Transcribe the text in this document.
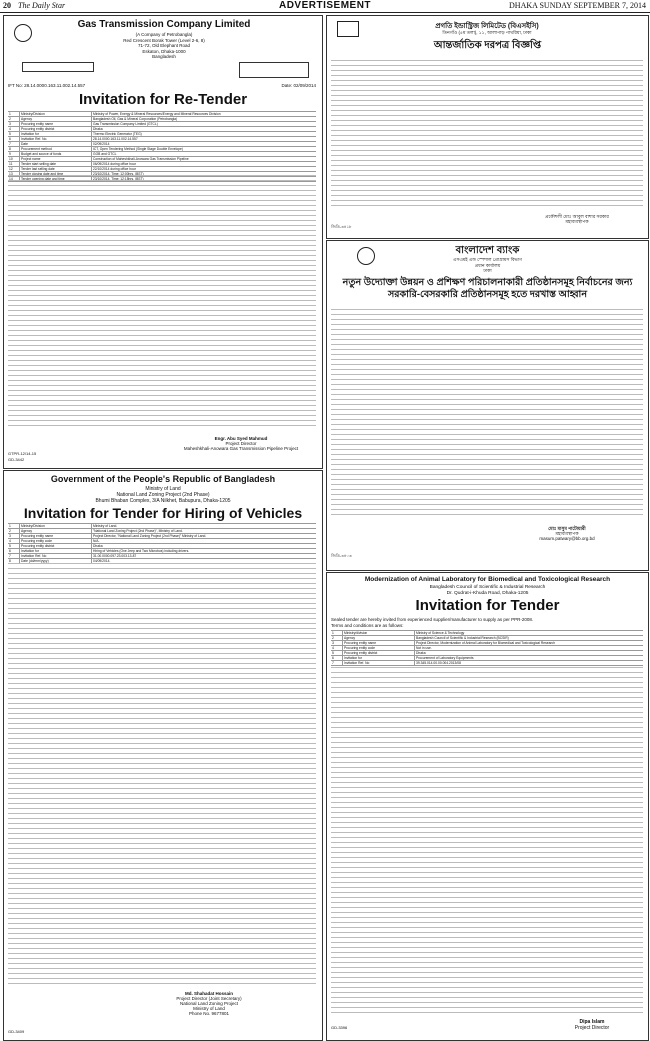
20 The Daily Star	ADVERTISEMENT	DHAKA SUNDAY SEPTEMBER 7, 2014
Gas Transmission Company Limited
(A Company of Petrobangla)
Red Crescent Borak Tower (Level 2-6, 8)
71-72, Old Elephant Road
Eskaton, Dhaka-1000
Bangladesh
IFT No: 28.14.0000.163.11.002.14.557	Date: 02/09/2014
Invitation for Re-Tender
1	Ministry/Division	Ministry of Power, Energy & Mineral Resources/Energy and Mineral Resources Division
2	Agency	Bangladesh Oil, Gas & Mineral Corporation (Petrobangla)
3	Procuring entity name	Gas Transmission Company Limited (GTCL)
4	Procuring entity district	Dhaka
5	Invitation for	Thermo Electric Generator (TEG)
6	Invitation Ref. No.	28.14.0000.163.11.002.14.557
7	Date	02/09/2014
8	Procurement method	ICT, Open Tendering Method (Single Stage Double Envelope)
9	Budget and source of funds	GOB and GTCL
10	Project name	Construction of Maheshkhali-Anowara Gas Transmission Pipeline
11	Tender start selling date	06/09/2014 during office hour
12	Tender last selling date	22/10/2014 during office hour
13	Tender closing date and time	23/10/2014, Time: 12:00hrs. (BST)
14	Tender opening date and time	23/10/2014, Time: 12:15hrs. (BST)
Engr. Abu Syed Mahmud
Project Director
Maheshkhali-Anowara Gas Transmission Pipeline Project
GTPR-12/14-15
GD-3442
Government of the People's Republic of Bangladesh
Ministry of Land
National Land Zoning Project (2nd Phase)
Bhumi Bhaban Complex, 3/A Nilkhet, Babupura, Dhaka-1205
Invitation for Tender for Hiring of Vehicles
1	Ministry/Division	Ministry of Land.
2	Agency	"National Land Zoning Project (2nd Phase)", Ministry of Land.
3	Procuring entity name	Project Director, "National Land Zoning Project (2nd Phase)" Ministry of Land.
4	Procuring entity code	N/A.
5	Procuring entity district	Dhaka
6	Invitation for	Hiring of Vehicles (One Jeep and Two Microbus) including drivers.
7	Invitation Ref. No	31.00.0000.097.23.003.13-87
8	Date (dd/mm/yyyy)	04/09/2014.
Md. Shahadat Hossain
Project Director (Joint Secretary)
National Land Zoning Project
Ministry of Land
Phone No. 9677801
GD-3409
প্রগতি ইন্ডাস্ট্রিজ লিমিটেড (বিএসইসি)
তিনগাঁও (৫ম তলা), ১১, আলাপাড় পাথরিয়া, ঢাকা
আন্তর্জাতিক দরপত্র বিজ্ঞপ্তি
প্রকৌশলী মোঃ আবুল বাশার সরকার
মহাব্যবস্থাপক
জিডি-৩৪১৮
বাংলাদেশ ব্যাংক
এসএমই এন্ড স্পেশাল প্রোগ্রামস বিভাগ
প্রধান কার্যালয়
ঢাকা
নতুন উদ্যোক্তা উন্নয়ন ও প্রশিক্ষণ পরিচালনাকারী প্রতিষ্ঠানসমূহ নির্বাচনের জন্য সরকারি-বেসরকারি প্রতিষ্ঠানসমূহ হতে দরখাস্ত আহ্বান
মোঃ মাসুম পাটোয়ারী
মহাব্যবস্থাপক
masum.patwary@bb.org.bd
জিডি-৩৪০৩
Modernization of Animal Laboratory for Biomedical and Toxicological Research
Bangladesh Council of Scientific & Industrial Research
Dr. Qudrat-i-Khuda Road, Dhaka-1205
Invitation for Tender
Sealed tender are hereby invited from experienced supplier/manufacturer to supply as per PPR-2008.
Terms and conditions are as follows:
1	Ministry/division	Ministry of Science & Technology
2	Agency	Bangladesh Council of Scientific & Industrial Research (BCSIR)
3	Procuring entity name	Project Director, Modernization of Animal Laboratory for Biomedical and Toxicological Research
4	Procuring entity code	Not in use.
5	Procuring entity district	Dhaka
6	Invitation for	Procurement of Laboratory Equipments
7	Invitation Ref. No	39.345.014.00.00.004.2013/08
GD-3396
Dipa Islam
Project Director
